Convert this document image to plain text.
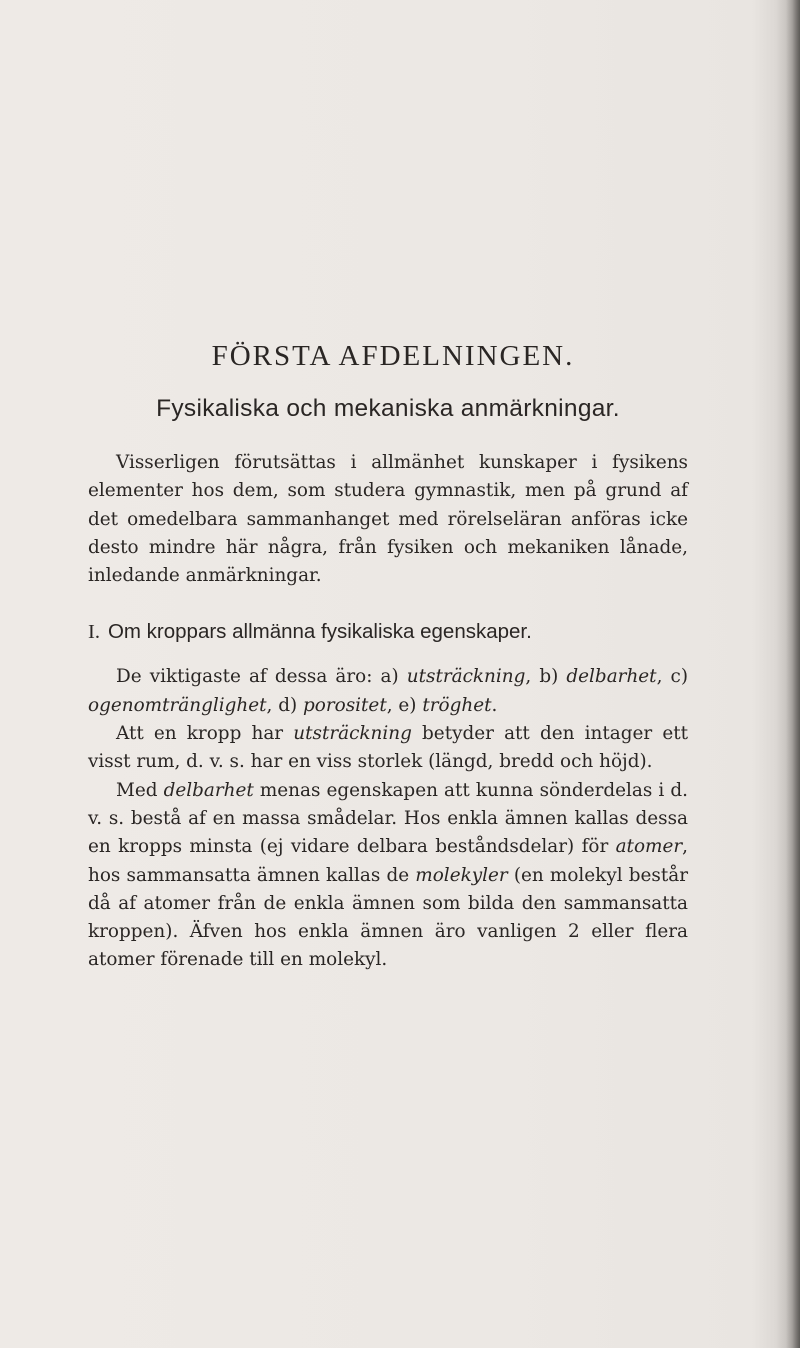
FÖRSTA AFDELNINGEN.
Fysikaliska och mekaniska anmärkningar.

Visserligen förutsättas i allmänhet kunskaper i fysikens elementer hos dem, som studera gymnastik, men på grund af det omedelbara sammanhanget med rörelseläran anföras icke desto mindre här några, från fysiken och mekaniken lånade, inledande anmärkningar.

I. Om kroppars allmänna fysikaliska egenskaper.

De viktigaste af dessa äro: a) utsträckning, b) delbarhet, c) ogenomtränglighet, d) porositet, e) tröghet.

Att en kropp har utsträckning betyder att den intager ett visst rum, d. v. s. har en viss storlek (längd, bredd och höjd).

Med delbarhet menas egenskapen att kunna sönderdelas i d. v. s. bestå af en massa smådelar. Hos enkla ämnen kallas dessa en kropps minsta (ej vidare delbara beståndsdelar) för atomer, hos sammansatta ämnen kallas de molekyler (en molekyl består då af atomer från de enkla ämnen som bilda den sammansatta kroppen). Äfven hos enkla ämnen äro vanligen 2 eller flera atomer förenade till en molekyl.
